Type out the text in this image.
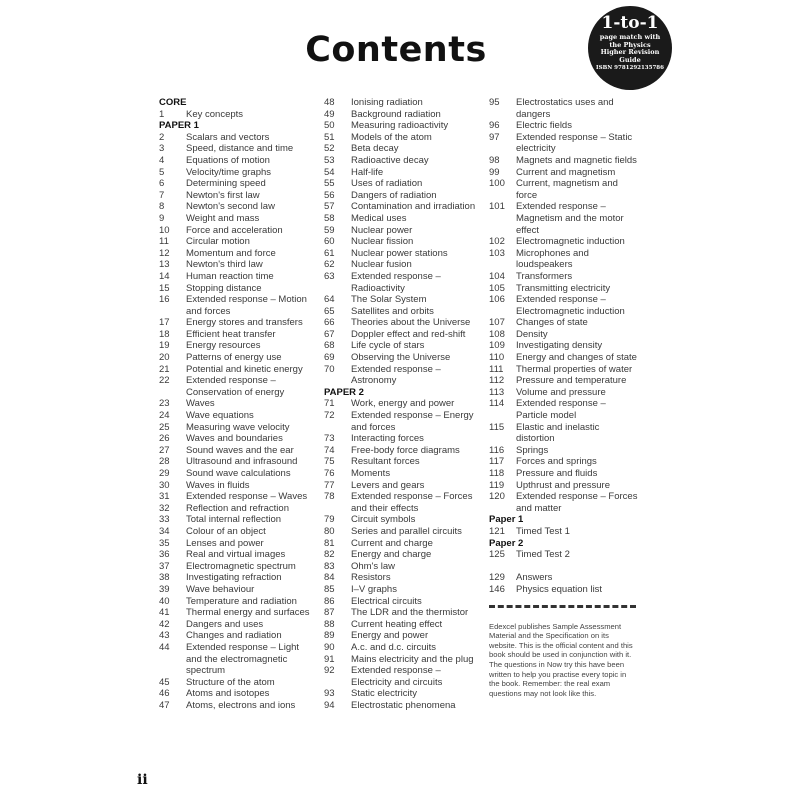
Contents
1-to-1
page match with the Physics Higher Revision Guide
ISBN 9781292135786
CORE
1	Key concepts
PAPER 1
2	Scalars and vectors
3	Speed, distance and time
4	Equations of motion
5	Velocity/time graphs
6	Determining speed
7	Newton's first law
8	Newton's second law
9	Weight and mass
10	Force and acceleration
11	Circular motion
12	Momentum and force
13	Newton's third law
14	Human reaction time
15	Stopping distance
16	Extended response – Motion and forces
17	Energy stores and transfers
18	Efficient heat transfer
19	Energy resources
20	Patterns of energy use
21	Potential and kinetic energy
22	Extended response – Conservation of energy
23	Waves
24	Wave equations
25	Measuring wave velocity
26	Waves and boundaries
27	Sound waves and the ear
28	Ultrasound and infrasound
29	Sound wave calculations
30	Waves in fluids
31	Extended response – Waves
32	Reflection and refraction
33	Total internal reflection
34	Colour of an object
35	Lenses and power
36	Real and virtual images
37	Electromagnetic spectrum
38	Investigating refraction
39	Wave behaviour
40	Temperature and radiation
41	Thermal energy and surfaces
42	Dangers and uses
43	Changes and radiation
44	Extended response – Light and the electromagnetic spectrum
45	Structure of the atom
46	Atoms and isotopes
47	Atoms, electrons and ions
48	Ionising radiation
49	Background radiation
50	Measuring radioactivity
51	Models of the atom
52	Beta decay
53	Radioactive decay
54	Half-life
55	Uses of radiation
56	Dangers of radiation
57	Contamination and irradiation
58	Medical uses
59	Nuclear power
60	Nuclear fission
61	Nuclear power stations
62	Nuclear fusion
63	Extended response – Radioactivity
64	The Solar System
65	Satellites and orbits
66	Theories about the Universe
67	Doppler effect and red-shift
68	Life cycle of stars
69	Observing the Universe
70	Extended response – Astronomy
PAPER 2
71	Work, energy and power
72	Extended response – Energy and forces
73	Interacting forces
74	Free-body force diagrams
75	Resultant forces
76	Moments
77	Levers and gears
78	Extended response – Forces and their effects
79	Circuit symbols
80	Series and parallel circuits
81	Current and charge
82	Energy and charge
83	Ohm's law
84	Resistors
85	I–V graphs
86	Electrical circuits
87	The LDR and the thermistor
88	Current heating effect
89	Energy and power
90	A.c. and d.c. circuits
91	Mains electricity and the plug
92	Extended response – Electricity and circuits
93	Static electricity
94	Electrostatic phenomena
95	Electrostatics uses and dangers
96	Electric fields
97	Extended response – Static electricity
98	Magnets and magnetic fields
99	Current and magnetism
100	Current, magnetism and force
101	Extended response – Magnetism and the motor effect
102	Electromagnetic induction
103	Microphones and loudspeakers
104	Transformers
105	Transmitting electricity
106	Extended response – Electromagnetic induction
107	Changes of state
108	Density
109	Investigating density
110	Energy and changes of state
111	Thermal properties of water
112	Pressure and temperature
113	Volume and pressure
114	Extended response – Particle model
115	Elastic and inelastic distortion
116	Springs
117	Forces and springs
118	Pressure and fluids
119	Upthrust and pressure
120	Extended response – Forces and matter
Paper 1
121	Timed Test 1
Paper 2
125	Timed Test 2
129	Answers
146	Physics equation list
Edexcel publishes Sample Assessment Material and the Specification on its website. This is the official content and this book should be used in conjunction with it. The questions in Now try this have been written to help you practise every topic in the book. Remember: the real exam questions may not look like this.
ii
